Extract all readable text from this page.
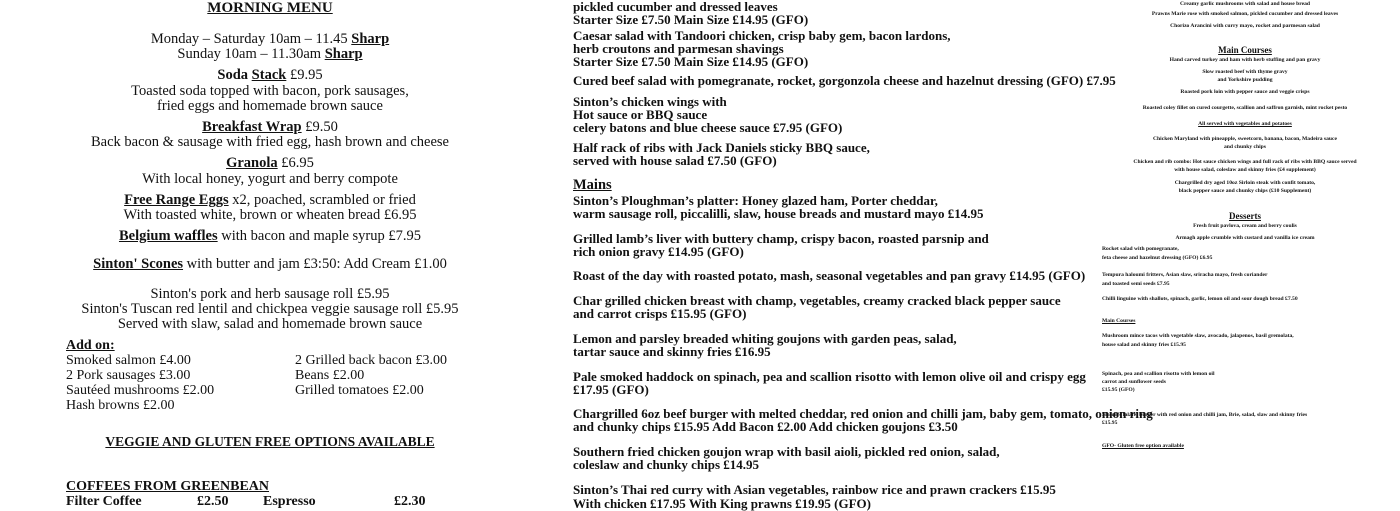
MORNING MENU
Monday – Saturday 10am – 11.45 Sharp
Sunday 10am – 11.30am Sharp
Soda Stack £9.95
Toasted soda topped with bacon, pork sausages,
fried eggs and homemade brown sauce
Breakfast Wrap £9.50
Back bacon & sausage with fried egg, hash brown and cheese
Granola £6.95
With local honey, yogurt and berry compote
Free Range Eggs x2, poached, scrambled or fried
With toasted white, brown or wheaten bread £6.95
Belgium waffles with bacon and maple syrup £7.95
Sinton' Scones with butter and jam £3:50: Add Cream £1.00
Sinton's pork and herb sausage roll £5.95
Sinton's Tuscan red lentil and chickpea veggie sausage roll £5.95
Served with slaw, salad and homemade brown sauce
Add on:
Smoked salmon £4.00
2 Pork sausages £3.00
Sautéed mushrooms £2.00
Hash browns £2.00
2 Grilled back bacon £3.00
Beans £2.00
Grilled tomatoes £2.00
VEGGIE AND GLUTEN FREE OPTIONS AVAILABLE
COFFEES FROM GREENBEAN
Filter Coffee	£2.50 Espresso	£2.30
pickled cucumber and dressed leaves
Starter Size £7.50 Main Size £14.95 (GFO)
Caesar salad with Tandoori chicken, crisp baby gem, bacon lardons,
herb croutons and parmesan shavings
Starter Size £7.50 Main Size £14.95 (GFO)
Cured beef salad with pomegranate, rocket, gorgonzola cheese and hazelnut dressing (GFO) £7.95
Sinton’s chicken wings with
Hot sauce or BBQ sauce
celery batons and blue cheese sauce £7.95 (GFO)
Half rack of ribs with Jack Daniels sticky BBQ sauce,
served with house salad £7.50 (GFO)
Mains
Sinton’s Ploughman’s platter: Honey glazed ham, Porter cheddar,
warm sausage roll, piccalilli, slaw, house breads and mustard mayo £14.95
Grilled lamb’s liver with buttery champ, crispy bacon, roasted parsnip and
rich onion gravy £14.95 (GFO)
Roast of the day with roasted potato, mash, seasonal vegetables and pan gravy £14.95 (GFO)
Char grilled chicken breast with champ, vegetables, creamy cracked black pepper sauce
and carrot crisps £15.95 (GFO)
Lemon and parsley breaded whiting goujons with garden peas, salad,
tartar sauce and skinny fries £16.95
Pale smoked haddock on spinach, pea and scallion risotto with lemon olive oil and crispy egg
£17.95 (GFO)
Chargrilled 6oz beef burger with melted cheddar, red onion and chilli jam, baby gem, tomato, onion ring
and chunky chips £15.95 Add Bacon £2.00 Add chicken goujons £3.50
Southern fried chicken goujon wrap with basil aioli, pickled red onion, salad,
coleslaw and chunky chips £14.95
Sinton’s Thai red curry with Asian vegetables, rainbow rice and prawn crackers £15.95
With chicken £17.95 With King prawns £19.95 (GFO)
Creamy garlic mushrooms with salad and house bread
Prawns Marie rose with smoked salmon, pickled cucumber and dressed leaves
Chorizo Arancini with curry mayo, rocket and parmesan salad
Main Courses
Hand carved turkey and ham with herb stuffing and pan gravy
Slow roasted beef with thyme gravy
and Yorkshire pudding
Roasted pork loin with pepper sauce and veggie crisps
Roasted coley fillet on cured courgette, scallion and saffron garnish, mint rocket pesto
All served with vegetables and potatoes
Chicken Maryland with pineapple, sweetcorn, banana, bacon, Madeira sauce
and chunky chips
Chicken and rib combo: Hot sauce chicken wings and full rack of ribs with BBQ sauce served
with house salad, coleslaw and skinny fries (£4 supplement)
Chargrilled dry aged 10oz Sirloin steak with confit tomato,
black pepper sauce and chunky chips (£10 Supplement)
Desserts
Fresh fruit pavlova, cream and berry coulis
Armagh apple crumble with custard and vanilla ice cream
Rocket salad with pomegranate,
feta cheese and hazelnut dressing (GFO) £6.95
Tempura haloumi fritters, Asian slaw, sriracha mayo, fresh coriander
and toasted semi seeds £7.95
Chilli linguine with shallots, spinach, garlic, lemon oil and sour dough bread £7.50
Main Courses
Mushroom mince tacos with vegetable slaw, avocado, jalapenos, basil gremolata,
house salad and skinny fries £15.95
Spinach, pea and scallion risotto with lemon oil
carrot and sunflower seeds
£15.95 (GFO)
Sinton’s falafel burger with red onion and chilli jam, Brie, salad, slaw and skinny fries
£15.95
GFO- Gluten free option available
